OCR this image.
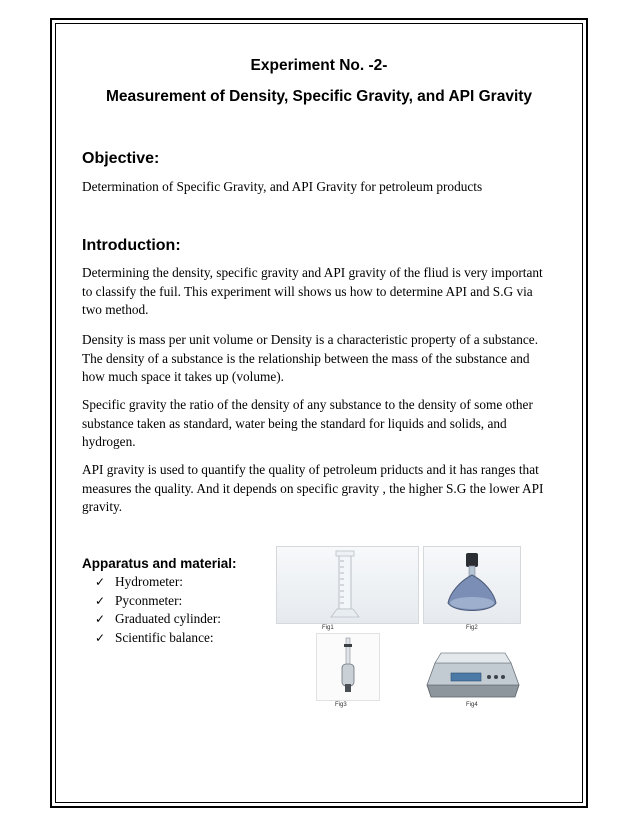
Experiment No. -2-
Measurement of Density, Specific Gravity, and API Gravity
Objective:
Determination of Specific Gravity, and API Gravity for petroleum products
Introduction:
Determining the density, specific gravity and API gravity of the fliud is very important to classify the fuil. This experiment will shows us how to determine API and S.G via two method.
Density is mass per unit volume or Density is a characteristic property of a substance. The density of a substance is the relationship between the mass of the substance and how much space it takes up (volume).
Specific gravity the ratio of the density of any substance to the density of some other substance taken as standard, water being the standard for liquids and solids, and hydrogen.
API gravity is used to quantify the quality of petroleum priducts and it has ranges that measures the quality. And it depends on specific gravity , the higher S.G the lower API gravity.
Apparatus and material:
✓ Hydrometer:
✓ Pyconmeter:
✓ Graduated cylinder:
✓ Scientific balance:
Fig1	Fig2
Fig3	Fig4
